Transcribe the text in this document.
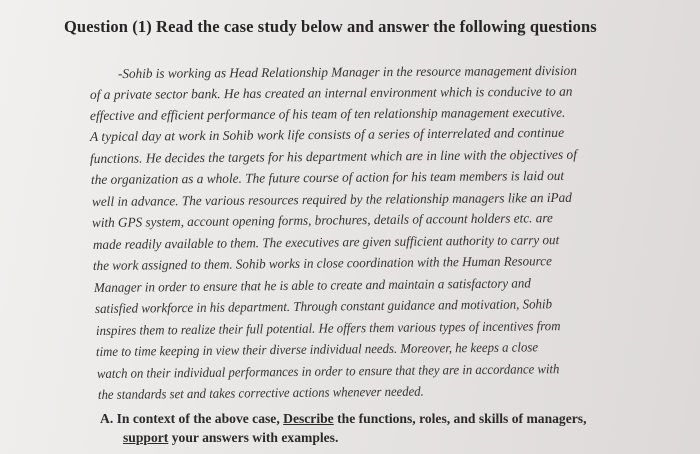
Question (1) Read the case study below and answer the following questions
-Sohib is working as Head Relationship Manager in the resource management division
of a private sector bank. He has created an internal environment which is conducive to an
effective and efficient performance of his team of ten relationship management executive.
A typical day at work in Sohib work life consists of a series of interrelated and continue
functions. He decides the targets for his department which are in line with the objectives of
the organization as a whole. The future course of action for his team members is laid out
well in advance. The various resources required by the relationship managers like an iPad
with GPS system, account opening forms, brochures, details of account holders etc. are
made readily available to them. The executives are given sufficient authority to carry out
the work assigned to them. Sohib works in close coordination with the Human Resource
Manager in order to ensure that he is able to create and maintain a satisfactory and
satisfied workforce in his department. Through constant guidance and motivation, Sohib
inspires them to realize their full potential. He offers them various types of incentives from
time to time keeping in view their diverse individual needs. Moreover, he keeps a close
watch on their individual performances in order to ensure that they are in accordance with
the standards set and takes corrective actions whenever needed.
A. In context of the above case, Describe the functions, roles, and skills of managers,
support your answers with examples.
